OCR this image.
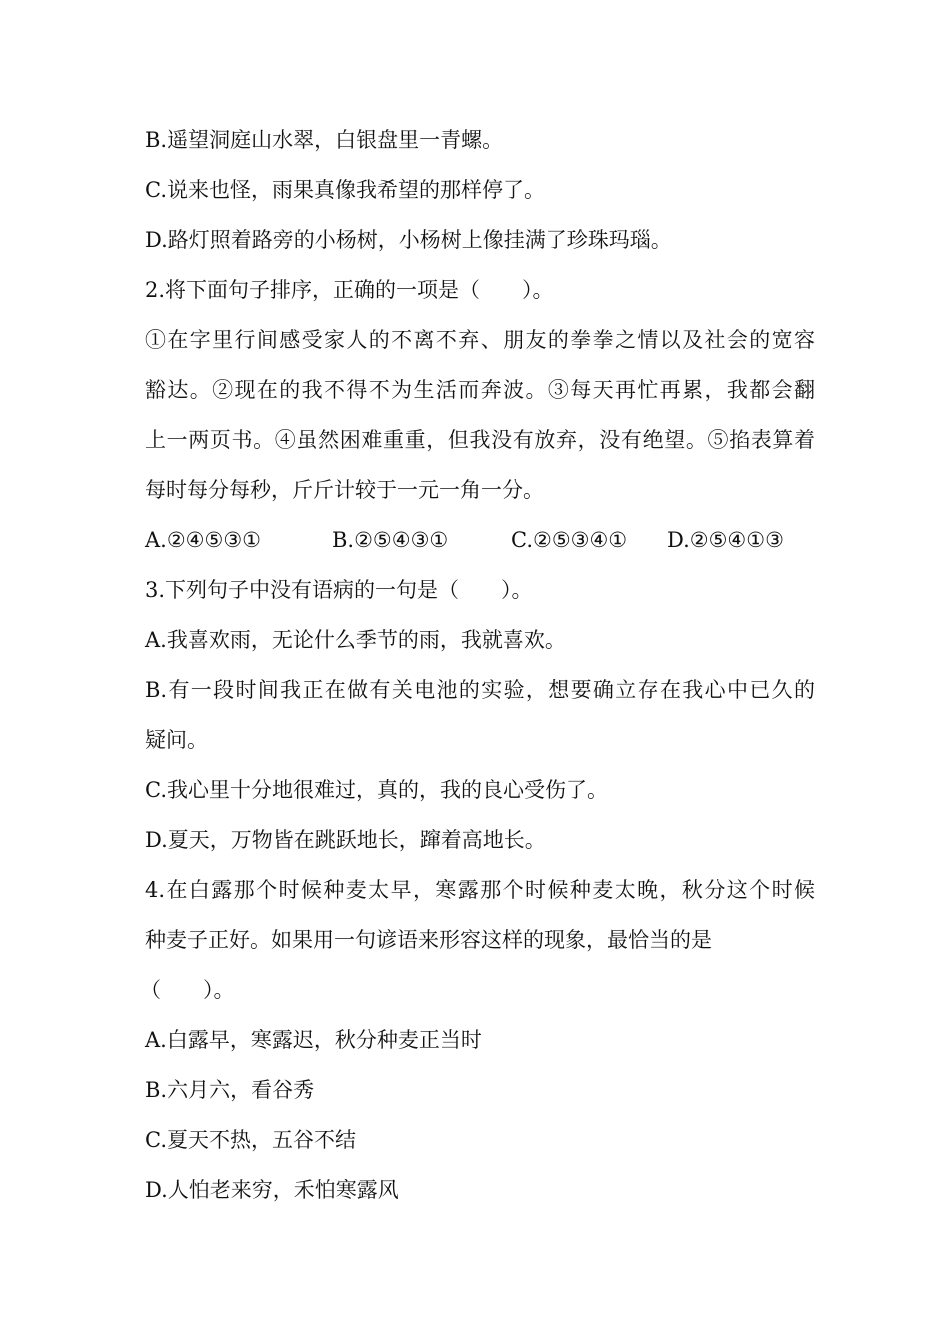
B.遥望洞庭山水翠，白银盘里一青螺。
C.说来也怪，雨果真像我希望的那样停了。
D.路灯照着路旁的小杨树，小杨树上像挂满了珍珠玛瑙。
2.将下面句子排序，正确的一项是（　　）。
①在字里行间感受家人的不离不弃、朋友的拳拳之情以及社会的宽容
豁达。②现在的我不得不为生活而奔波。③每天再忙再累，我都会翻
上一两页书。④虽然困难重重，但我没有放弃，没有绝望。⑤掐表算着
每时每分每秒，斤斤计较于一元一角一分。
A.②④⑤③①	B.②⑤④③①	C.②⑤③④① D.②⑤④①③
3.下列句子中没有语病的一句是（　　）。
A.我喜欢雨，无论什么季节的雨，我就喜欢。
B.有一段时间我正在做有关电池的实验，想要确立存在我心中已久的
疑问。
C.我心里十分地很难过，真的，我的良心受伤了。
D.夏天，万物皆在跳跃地长，蹿着高地长。
4.在白露那个时候种麦太早，寒露那个时候种麦太晚，秋分这个时候
种麦子正好。如果用一句谚语来形容这样的现象，最恰当的是
（　　）。
A.白露早，寒露迟，秋分种麦正当时
B.六月六，看谷秀
C.夏天不热，五谷不结
D.人怕老来穷，禾怕寒露风
